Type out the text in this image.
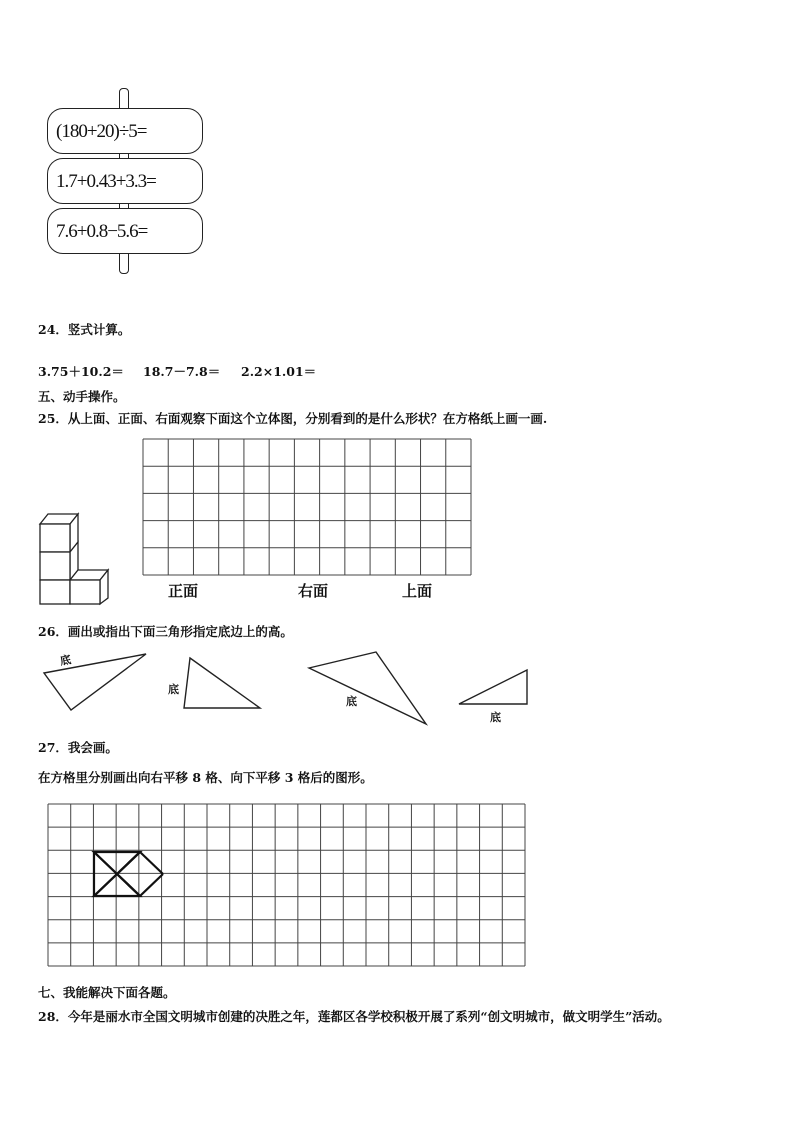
(180+20)÷5=
1.7+0.43+3.3=
7.6+0.8−5.6=
24．竖式计算。
3.75＋10.2＝ 18.7－7.8＝ 2.2×1.01＝
五、动手操作。
25．从上面、正面、右面观察下面这个立体图，分别看到的是什么形状？在方格纸上画一画.
正面	右面	上面
26．画出或指出下面三角形指定底边上的高。
底
底
底
底
27．我会画。
在方格里分别画出向右平移 8 格、向下平移 3 格后的图形。
七、我能解决下面各题。
28．今年是丽水市全国文明城市创建的决胜之年，莲都区各学校积极开展了系列“创文明城市，做文明学生”活动。
